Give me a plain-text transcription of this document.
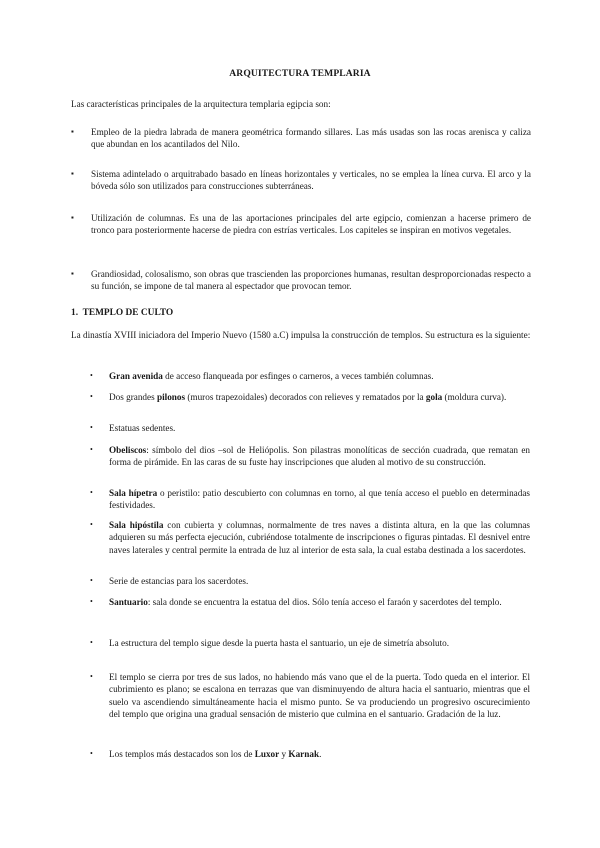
ARQUITECTURA TEMPLARIA
Las características principales de la arquitectura templaria egipcia son:
▪ Empleo de la piedra labrada de manera geométrica formando sillares. Las más usadas son las rocas arenisca y caliza que abundan en los acantilados del Nilo.
▪ Sistema adintelado o arquitrabado basado en líneas horizontales y verticales, no se emplea la línea curva. El arco y la bóveda sólo son utilizados para construcciones subterráneas.
▪ Utilización de columnas. Es una de las aportaciones principales del arte egipcio, comienzan a hacerse primero de tronco para posteriormente hacerse de piedra con estrías verticales. Los capiteles se inspiran en motivos vegetales.
▪ Grandiosidad, colosalismo, son obras que trascienden las proporciones humanas, resultan desproporcionadas respecto a su función, se impone de tal manera al espectador que provocan temor.
1. TEMPLO DE CULTO
La dinastía XVIII iniciadora del Imperio Nuevo (1580 a.C) impulsa la construcción de templos. Su estructura es la siguiente:
• Gran avenida de acceso flanqueada por esfinges o carneros, a veces también columnas.
• Dos grandes pilonos (muros trapezoidales) decorados con relieves y rematados por la gola (moldura curva).
• Estatuas sedentes.
• Obeliscos: símbolo del dios –sol de Heliópolis. Son pilastras monolíticas de sección cuadrada, que rematan en forma de pirámide. En las caras de su fuste hay inscripciones que aluden al motivo de su construcción.
• Sala hípetra o peristilo: patio descubierto con columnas en torno, al que tenía acceso el pueblo en determinadas festividades.
• Sala hipóstila con cubierta y columnas, normalmente de tres naves a distinta altura, en la que las columnas adquieren su más perfecta ejecución, cubriéndose totalmente de inscripciones o figuras pintadas. El desnivel entre naves laterales y central permite la entrada de luz al interior de esta sala, la cual estaba destinada a los sacerdotes.
• Serie de estancias para los sacerdotes.
• Santuario: sala donde se encuentra la estatua del dios. Sólo tenía acceso el faraón y sacerdotes del templo.
• La estructura del templo sigue desde la puerta hasta el santuario, un eje de simetría absoluto.
• El templo se cierra por tres de sus lados, no habiendo más vano que el de la puerta. Todo queda en el interior. El cubrimiento es plano; se escalona en terrazas que van disminuyendo de altura hacia el santuario, mientras que el suelo va ascendiendo simultáneamente hacia el mismo punto. Se va produciendo un progresivo oscurecimiento del templo que origina una gradual sensación de misterio que culmina en el santuario. Gradación de la luz.
• Los templos más destacados son los de Luxor y Karnak.
